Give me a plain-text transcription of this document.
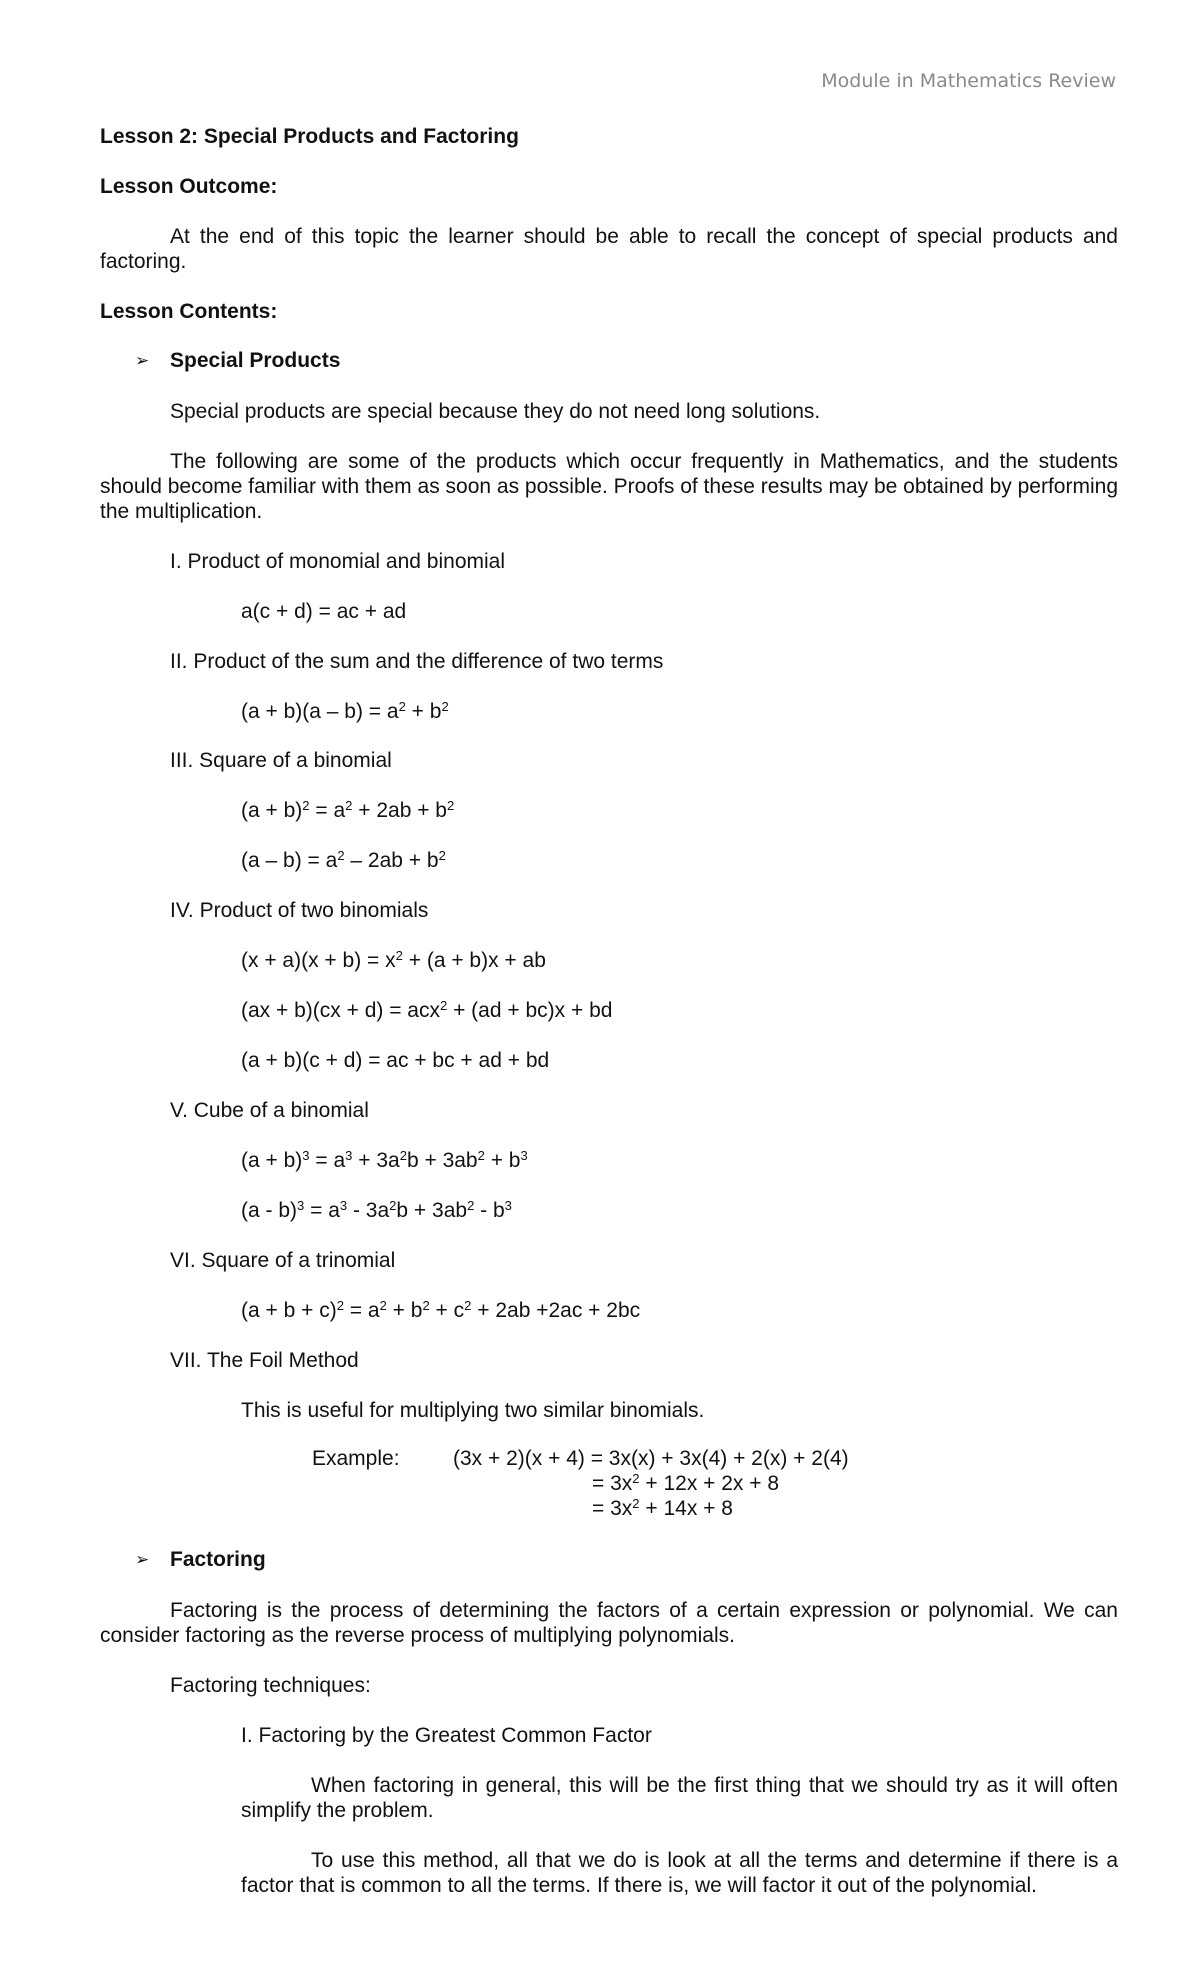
Module in Mathematics Review
Lesson 2: Special Products and Factoring
Lesson Outcome:
At the end of this topic the learner should be able to recall the concept of special products and factoring.
Lesson Contents:
➢ Special Products
Special products are special because they do not need long solutions.
The following are some of the products which occur frequently in Mathematics, and the students should become familiar with them as soon as possible. Proofs of these results may be obtained by performing the multiplication.
I. Product of monomial and binomial
a(c + d) = ac + ad
II. Product of the sum and the difference of two terms
$(a + b)(a - b) = a^2 + b^2$
III. Square of a binomial
$(a + b)^2 = a^2 + 2ab + b^2$
$(a - b) = a^2 - 2ab + b^2$
IV. Product of two binomials
$(x + a)(x + b) = x^2 + (a + b)x$ + ab
(ax + b)(cx + d) = acx$^2$ + (ad + bc)x + bd
(a + b)(c + d) = ac + bc + ad + bd
V. Cube of a binomial
$(a + b)^3 = a^3 + 3a^2b + 3ab^2 + b^3$
$(a - b)^3 = a^3 - 3a^2b + 3ab^2 - b^3$
VI. Square of a trinomial
$(a + b + c)^2 = a^2 + b^2 + c^2 + 2ab +2ac + 2bc$
VII. The Foil Method
This is useful for multiplying two similar binomials.
Example:	(3x + 2)(x + 4) = 3x(x) + 3x(4) + 2(x) + 2(4)
= $3x^2 + 12x + 2x + 8$
= $3x^2 + 14x + 8$
➢ Factoring
Factoring is the process of determining the factors of a certain expression or polynomial. We can consider factoring as the reverse process of multiplying polynomials.
Factoring techniques:
I. Factoring by the Greatest Common Factor
When factoring in general, this will be the first thing that we should try as it will often simplify the problem.
To use this method, all that we do is look at all the terms and determine if there is a factor that is common to all the terms. If there is, we will factor it out of the polynomial.
